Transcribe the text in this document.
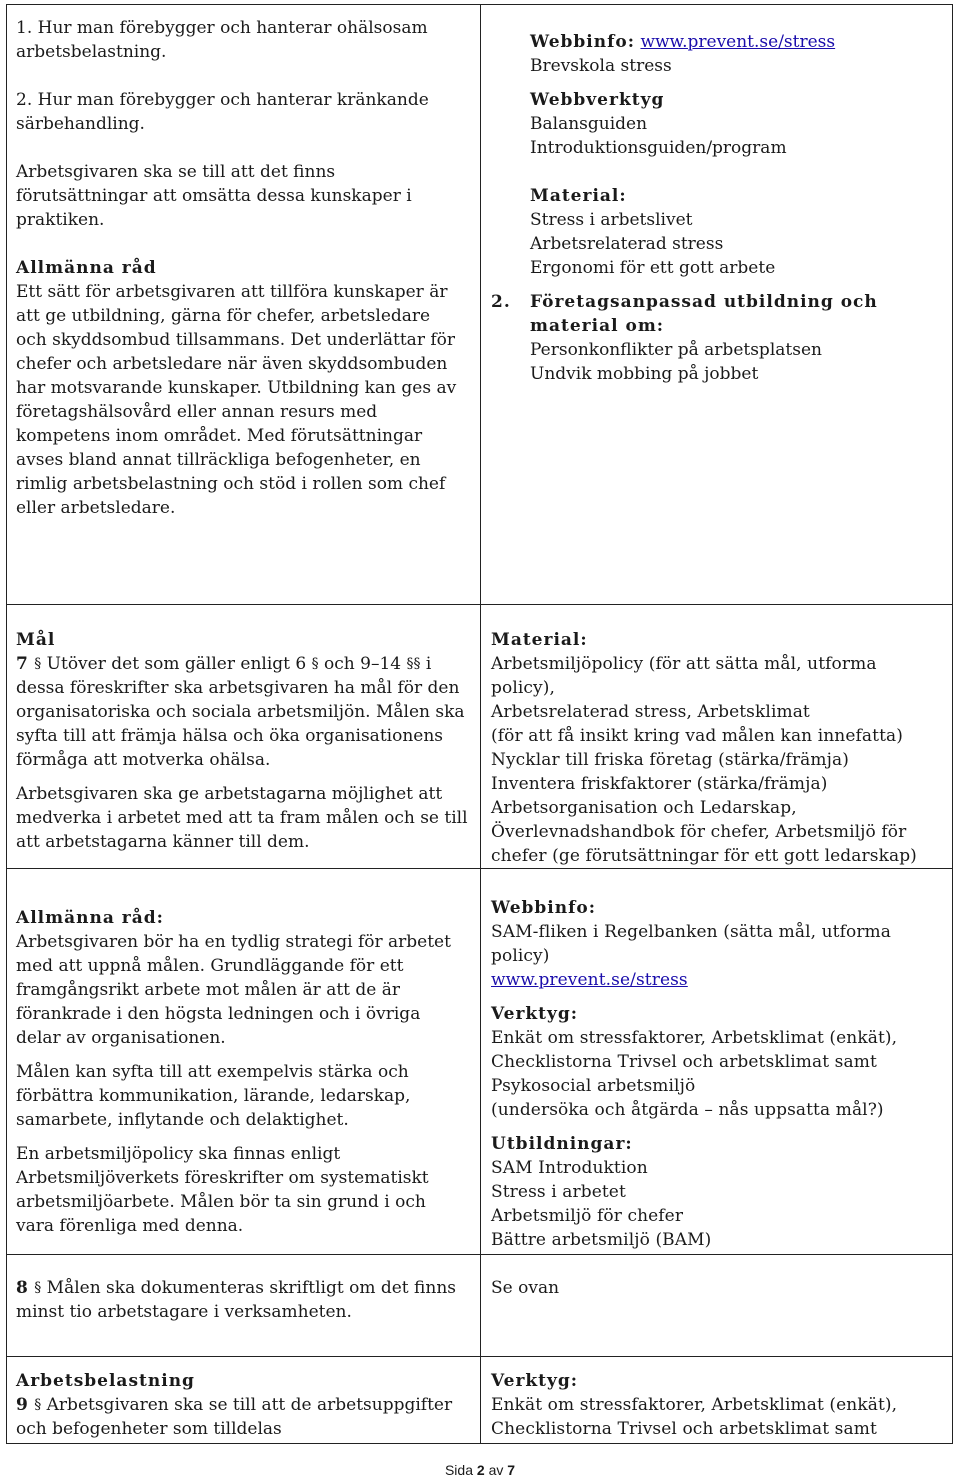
1. Hur man förebygger och hanterar ohälsosam arbetsbelastning.

2. Hur man förebygger och hanterar kränkande särbehandling.

Arbetsgivaren ska se till att det finns förutsättningar att omsätta dessa kunskaper i praktiken.

Allmänna råd

Ett sätt för arbetsgivaren att tillföra kunskaper är att ge utbildning, gärna för chefer, arbetsledare och skyddsombud tillsammans. Det underlättar för chefer och arbetsledare när även skyddsombuden har motsvarande kunskaper. Utbildning kan ges av företagshälsovård eller annan resurs med kompetens inom området. Med förutsättningar avses bland annat tillräckliga befogenheter, en rimlig arbetsbelastning och stöd i rollen som chef eller arbetsledare.

Webbinfo: www.prevent.se/stress

Brevskola stress

Webbverktyg

Balansguiden

Introduktionsguiden/program

Material:

Stress i arbetslivet

Arbetsrelaterad stress

Ergonomi för ett gott arbete

2.	Företagsanpassad utbildning och material om:

Personkonflikter på arbetsplatsen

Undvik mobbing på jobbet

Mål

7 § Utöver det som gäller enligt 6 § och 9–14 §§ i dessa föreskrifter ska arbetsgivaren ha mål för den organisatoriska och sociala arbetsmiljön. Målen ska syfta till att främja hälsa och öka organisationens förmåga att motverka ohälsa.

Arbetsgivaren ska ge arbetstagarna möjlighet att medverka i arbetet med att ta fram målen och se till att arbetstagarna känner till dem.

Allmänna råd:

Arbetsgivaren bör ha en tydlig strategi för arbetet med att uppnå målen. Grundläggande för ett framgångsrikt arbete mot målen är att de är förankrade i den högsta ledningen och i övriga delar av organisationen.

Målen kan syfta till att exempelvis stärka och förbättra kommunikation, lärande, ledarskap, samarbete, inflytande och delaktighet.

En arbetsmiljöpolicy ska finnas enligt Arbetsmiljöverkets föreskrifter om systematiskt arbetsmiljöarbete. Målen bör ta sin grund i och vara förenliga med denna.

Material:

Arbetsmiljöpolicy (för att sätta mål, utforma policy),

Arbetsrelaterad stress, Arbetsklimat

(för att få insikt kring vad målen kan innefatta)

Nycklar till friska företag (stärka/främja)

Inventera friskfaktorer (stärka/främja)

Arbetsorganisation och Ledarskap,

Överlevnadshandbok för chefer, Arbetsmiljö för chefer (ge förutsättningar för ett gott ledarskap)

Webbinfo:

SAM-fliken i Regelbanken (sätta mål, utforma policy)

www.prevent.se/stress

Verktyg:

Enkät om stressfaktorer, Arbetsklimat (enkät),

Checklistorna Trivsel och arbetsklimat samt

Psykosocial arbetsmiljö

(undersöka och åtgärda – nås uppsatta mål?)

Utbildningar:

SAM Introduktion

Stress i arbetet

Arbetsmiljö för chefer

Bättre arbetsmiljö (BAM)

8 § Målen ska dokumenteras skriftligt om det finns minst tio arbetstagare i verksamheten.

Se ovan

Arbetsbelastning

9 § Arbetsgivaren ska se till att de arbetsuppgifter och befogenheter som tilldelas

Verktyg:

Enkät om stressfaktorer, Arbetsklimat (enkät),

Checklistorna Trivsel och arbetsklimat samt

Sida 2 av 7
